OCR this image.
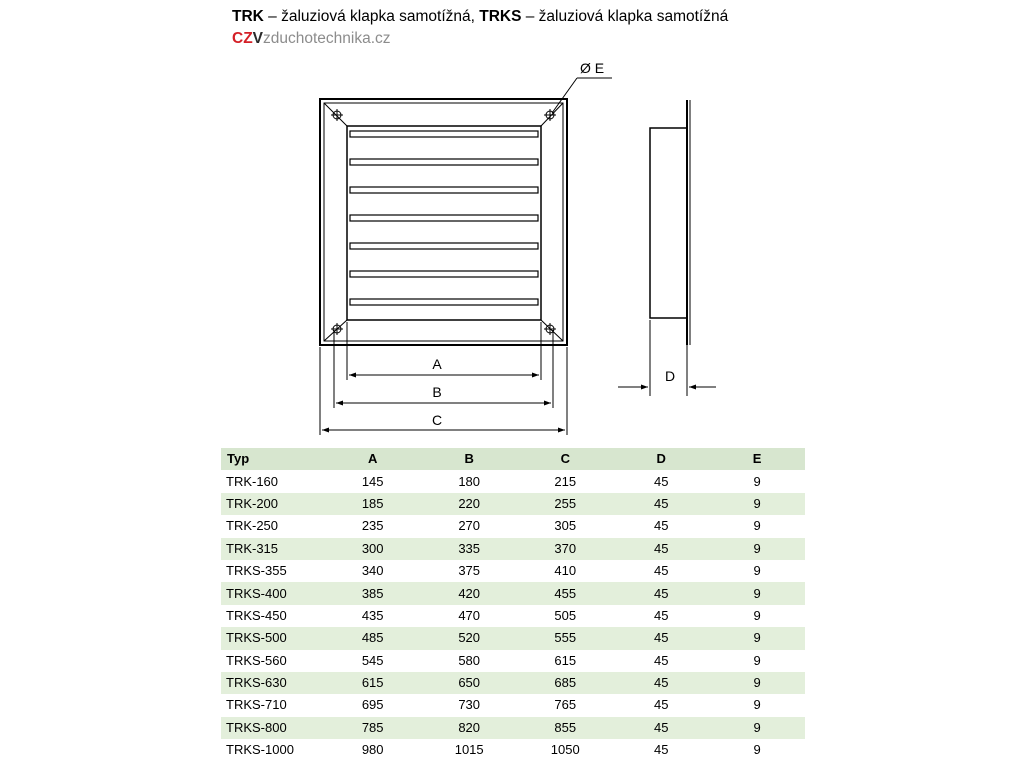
TRK – žaluziová klapka samotížná, TRKS – žaluziová klapka samotížná
CZVzduchotechnika.cz
A
B
C
D
Ø E
Typ	A	B	C	D	E
TRK-160	145	180	215	45	9
TRK-200	185	220	255	45	9
TRK-250	235	270	305	45	9
TRK-315	300	335	370	45	9
TRKS-355	340	375	410	45	9
TRKS-400	385	420	455	45	9
TRKS-450	435	470	505	45	9
TRKS-500	485	520	555	45	9
TRKS-560	545	580	615	45	9
TRKS-630	615	650	685	45	9
TRKS-710	695	730	765	45	9
TRKS-800	785	820	855	45	9
TRKS-1000	980	1015	1050	45	9
